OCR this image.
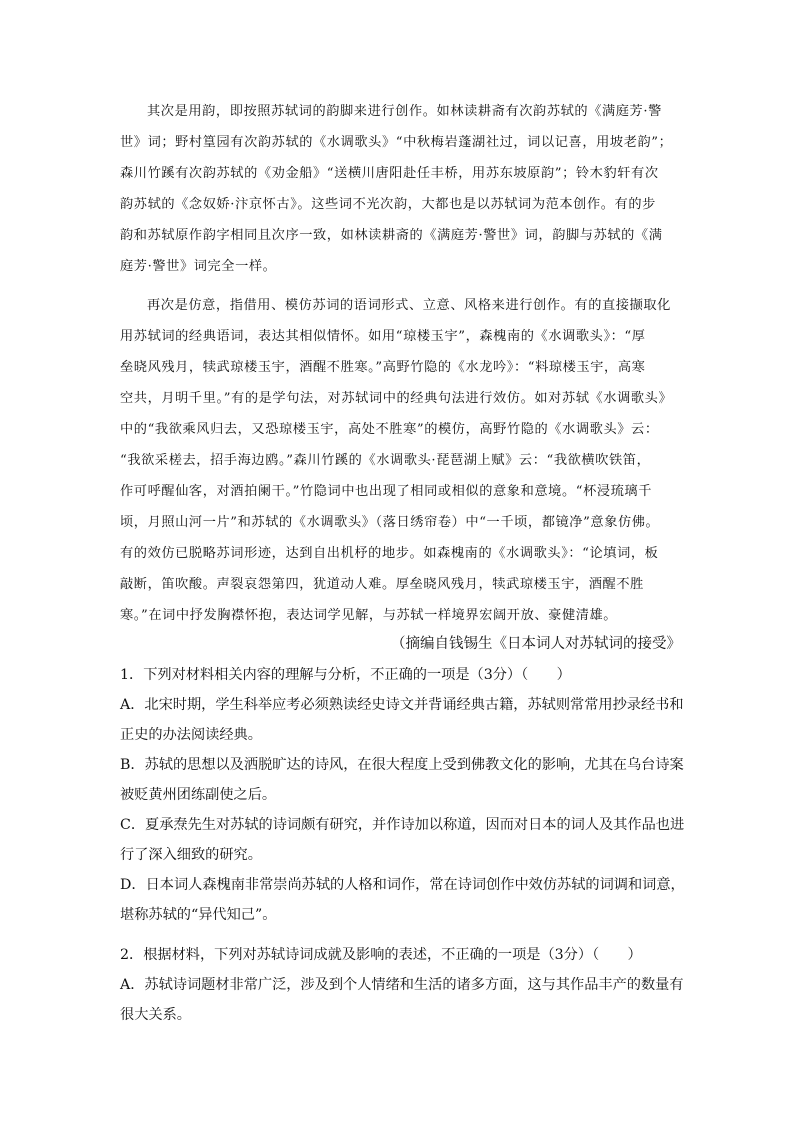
其次是用韵，即按照苏轼词的韵脚来进行创作。如林读耕斋有次韵苏轼的《满庭芳·警
世》词；野村篁园有次韵苏轼的《水调歌头》“中秋梅岩蓬湖社过，词以记喜，用坡老韵”；
森川竹蹊有次韵苏轼的《劝金船》“送横川唐阳赴任丰桥，用苏东坡原韵”；铃木豹轩有次
韵苏轼的《念奴娇·汴京怀古》。这些词不光次韵，大都也是以苏轼词为范本创作。有的步
韵和苏轼原作韵字相同且次序一致，如林读耕斋的《满庭芳·警世》词，韵脚与苏轼的《满
庭芳·警世》词完全一样。
再次是仿意，指借用、模仿苏词的语词形式、立意、风格来进行创作。有的直接撷取化
用苏轼词的经典语词，表达其相似情怀。如用“琼楼玉宇”，森槐南的《水调歌头》：“厚
垒晓风残月，犊武琼楼玉宇，酒醒不胜寒。”高野竹隐的《水龙吟》：“料琼楼玉宇，高寒
空共，月明千里。”有的是学句法，对苏轼词中的经典句法进行效仿。如对苏轼《水调歌头》
中的“我欲乘风归去，又恐琼楼玉宇，高处不胜寒”的模仿，高野竹隐的《水调歌头》云：
“我欲采槎去，招手海边鸥。”森川竹蹊的《水调歌头·琵琶湖上赋》云：“我欲横吹铁笛，
作可呼醒仙客，对酒拍阑干。”竹隐词中也出现了相同或相似的意象和意境。“杯浸琉璃千
顷，月照山河一片”和苏轼的《水调歌头》（落日绣帘卷）中“一千顷，都镜净”意象仿佛。
有的效仿已脱略苏词形迹，达到自出机杼的地步。如森槐南的《水调歌头》：“论填词，板
敲断，笛吹酸。声裂哀怨第四，犹道动人难。厚垒晓风残月，犊武琼楼玉宇，酒醒不胜
寒。”在词中抒发胸襟怀抱，表达词学见解，与苏轼一样境界宏阔开放、豪健清雄。
（摘编自钱锡生《日本词人对苏轼词的接受》
1．下列对材料相关内容的理解与分析，不正确的一项是（3分）（　　）
A．北宋时期，学生科举应考必须熟读经史诗文并背诵经典古籍，苏轼则常常用抄录经书和
正史的办法阅读经典。
B．苏轼的思想以及洒脱旷达的诗风，在很大程度上受到佛教文化的影响，尤其在乌台诗案
被贬黄州团练副使之后。
C．夏承焘先生对苏轼的诗词颇有研究，并作诗加以称道，因而对日本的词人及其作品也进
行了深入细致的研究。
D．日本词人森槐南非常崇尚苏轼的人格和词作，常在诗词创作中效仿苏轼的词调和词意，
堪称苏轼的“异代知己”。
2．根据材料，下列对苏轼诗词成就及影响的表述，不正确的一项是（3分）（　　）
A．苏轼诗词题材非常广泛，涉及到个人情绪和生活的诸多方面，这与其作品丰产的数量有
很大关系。
